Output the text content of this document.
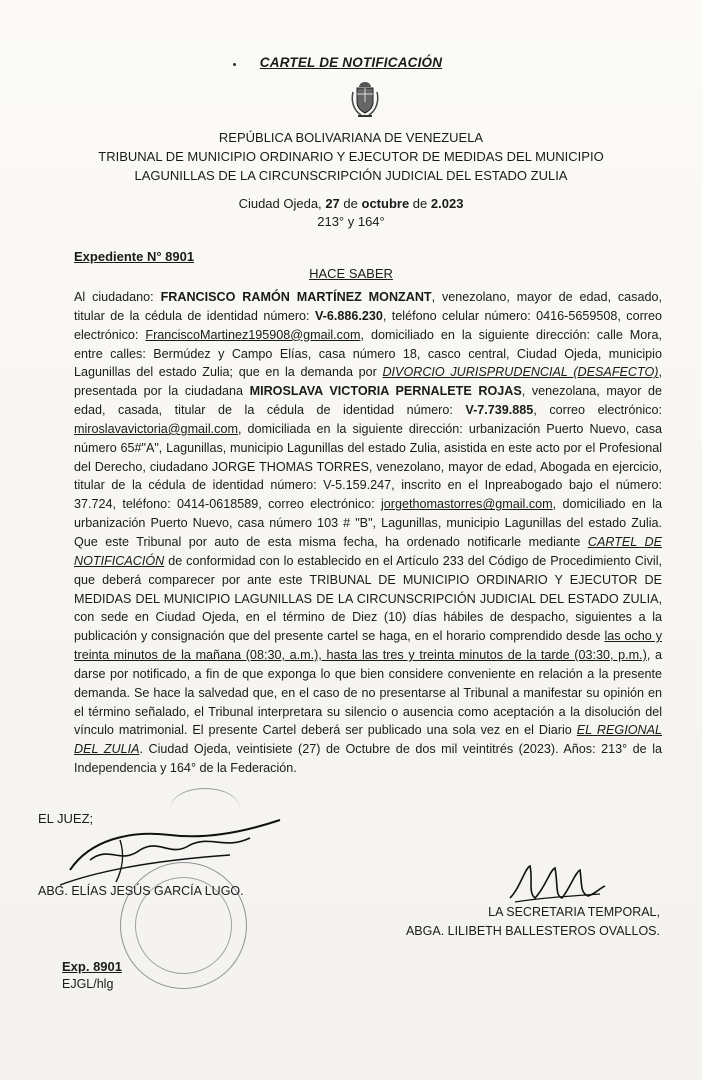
CARTEL DE NOTIFICACIÓN
REPÚBLICA BOLIVARIANA DE VENEZUELA
TRIBUNAL DE MUNICIPIO ORDINARIO Y EJECUTOR DE MEDIDAS DEL MUNICIPIO
LAGUNILLAS DE LA CIRCUNSCRIPCIÓN JUDICIAL DEL ESTADO ZULIA
Ciudad Ojeda, 27 de octubre de 2.023
213° y 164°
Expediente N° 8901
HACE SABER
Al ciudadano: FRANCISCO RAMÓN MARTÍNEZ MONZANT, venezolano, mayor de edad, casado, titular de la cédula de identidad número: V-6.886.230, teléfono celular número: 0416-5659508, correo electrónico: FranciscoMartinez195908@gmail.com, domiciliado en la siguiente dirección: calle Mora, entre calles: Bermúdez y Campo Elías, casa número 18, casco central, Ciudad Ojeda, municipio Lagunillas del estado Zulia; que en la demanda por DIVORCIO JURISPRUDENCIAL (DESAFECTO), presentada por la ciudadana MIROSLAVA VICTORIA PERNALETE ROJAS, venezolana, mayor de edad, casada, titular de la cédula de identidad número: V-7.739.885, correo electrónico: miroslavavictoria@gmail.com, domiciliada en la siguiente dirección: urbanización Puerto Nuevo, casa número 65#"A", Lagunillas, municipio Lagunillas del estado Zulia, asistida en este acto por el Profesional del Derecho, ciudadano JORGE THOMAS TORRES, venezolano, mayor de edad, Abogada en ejercicio, titular de la cédula de identidad número: V-5.159.247, inscrito en el Inpreabogado bajo el número: 37.724, teléfono: 0414-0618589, correo electrónico: jorgethomastorres@gmail.com, domiciliado en la urbanización Puerto Nuevo, casa número 103 # "B", Lagunillas, municipio Lagunillas del estado Zulia. Que este Tribunal por auto de esta misma fecha, ha ordenado notificarle mediante CARTEL DE NOTIFICACIÓN de conformidad con lo establecido en el Artículo 233 del Código de Procedimiento Civil, que deberá comparecer por ante este TRIBUNAL DE MUNICIPIO ORDINARIO Y EJECUTOR DE MEDIDAS DEL MUNICIPIO LAGUNILLAS DE LA CIRCUNSCRIPCIÓN JUDICIAL DEL ESTADO ZULIA, con sede en Ciudad Ojeda, en el término de Diez (10) días hábiles de despacho, siguientes a la publicación y consignación que del presente cartel se haga, en el horario comprendido desde las ocho y treinta minutos de la mañana (08:30, a.m.), hasta las tres y treinta minutos de la tarde (03:30, p.m.), a darse por notificado, a fin de que exponga lo que bien considere conveniente en relación a la presente demanda. Se hace la salvedad que, en el caso de no presentarse al Tribunal a manifestar su opinión en el término señalado, el Tribunal interpretara su silencio o ausencia como aceptación a la disolución del vínculo matrimonial. El presente Cartel deberá ser publicado una sola vez en el Diario EL REGIONAL DEL ZULIA. Ciudad Ojeda, veintisiete (27) de Octubre de dos mil veintitrés (2023). Años: 213° de la Independencia y 164° de la Federación.
EL JUEZ;
ABG. ELÍAS JESÚS GARCÍA LUGO.
LA SECRETARIA TEMPORAL,
ABGA. LILIBETH BALLESTEROS OVALLOS.
Exp. 8901
EJGL/hlg
